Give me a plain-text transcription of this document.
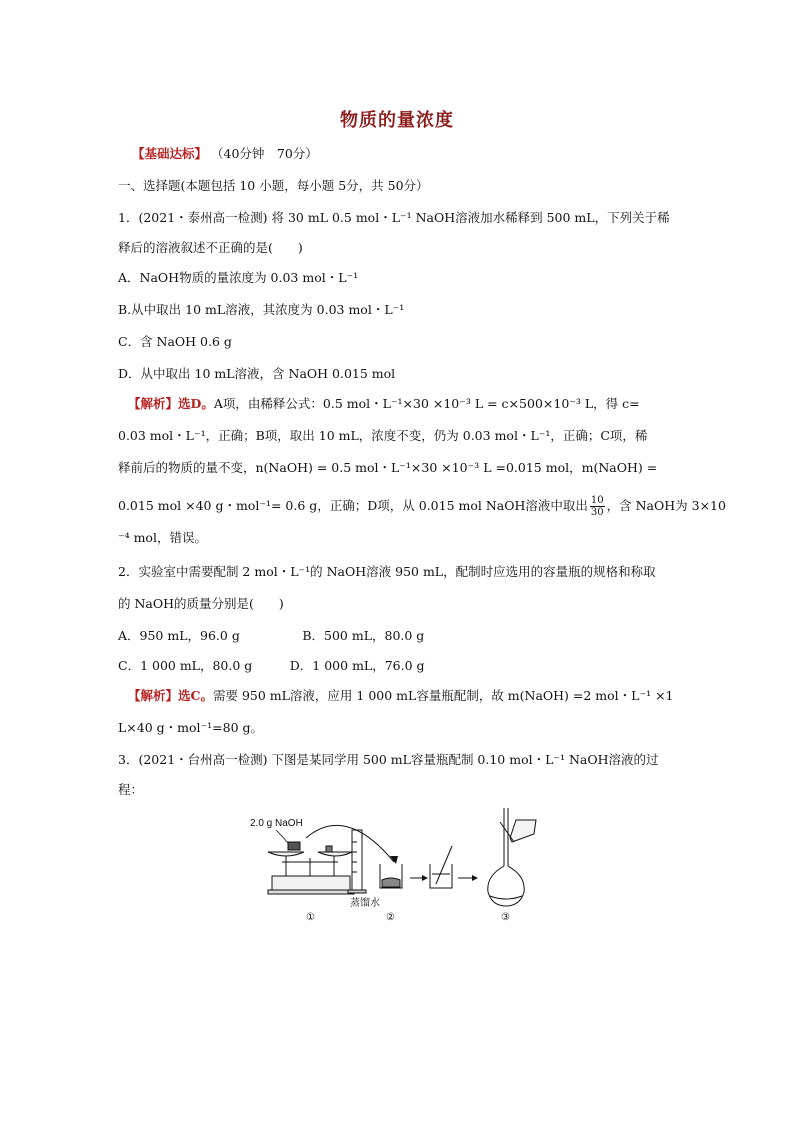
物质的量浓度
【基础达标】 （40分钟　70分）
一、选择题(本题包括 10 小题，每小题 5分，共 50分）
1．(2021・泰州高一检测) 将 30 mL 0.5 mol・L⁻¹ NaOH溶液加水稀释到 500 mL，下列关于稀
释后的溶液叙述不正确的是(　　)
A．NaOH物质的量浓度为 0.03 mol・L⁻¹
B.从中取出 10 mL溶液，其浓度为 0.03 mol・L⁻¹
C．含 NaOH 0.6 g
D．从中取出 10 mL溶液，含 NaOH 0.015 mol
【解析】选D。A项，由稀释公式：0.5 mol・L⁻¹×30 ×10⁻³ L = c×500×10⁻³ L，得 c=
0.03 mol・L⁻¹，正确；B项，取出 10 mL，浓度不变，仍为 0.03 mol・L⁻¹，正确；C项，稀
释前后的物质的量不变，n(NaOH) = 0.5 mol・L⁻¹×30 ×10⁻³ L =0.015 mol，m(NaOH) =
0.015 mol ×40 g・mol⁻¹= 0.6 g，正确；D项，从 0.015 mol NaOH溶液中取出 $\frac{10}{30}$ ，含 NaOH为 3×10
⁻⁴ mol，错误。
2．实验室中需要配制 2 mol・L⁻¹的 NaOH溶液 950 mL，配制时应选用的容量瓶的规格和称取
的 NaOH的质量分别是(　　)
A．950 mL，96.0 g　　　　　B．500 mL，80.0 g
C．1 000 mL，80.0 g　　　D．1 000 mL，76.0 g
【解析】选C。需要 950 mL溶液，应用 1 000 mL容量瓶配制，故 m(NaOH) =2 mol・L⁻¹ ×1
L×40 g・mol⁻¹=80 g。
3．(2021・台州高一检测) 下图是某同学用 500 mL容量瓶配制 0.10 mol・L⁻¹ NaOH溶液的过
程：
2.0 g NaOH
蒸馏水
①	②	③
